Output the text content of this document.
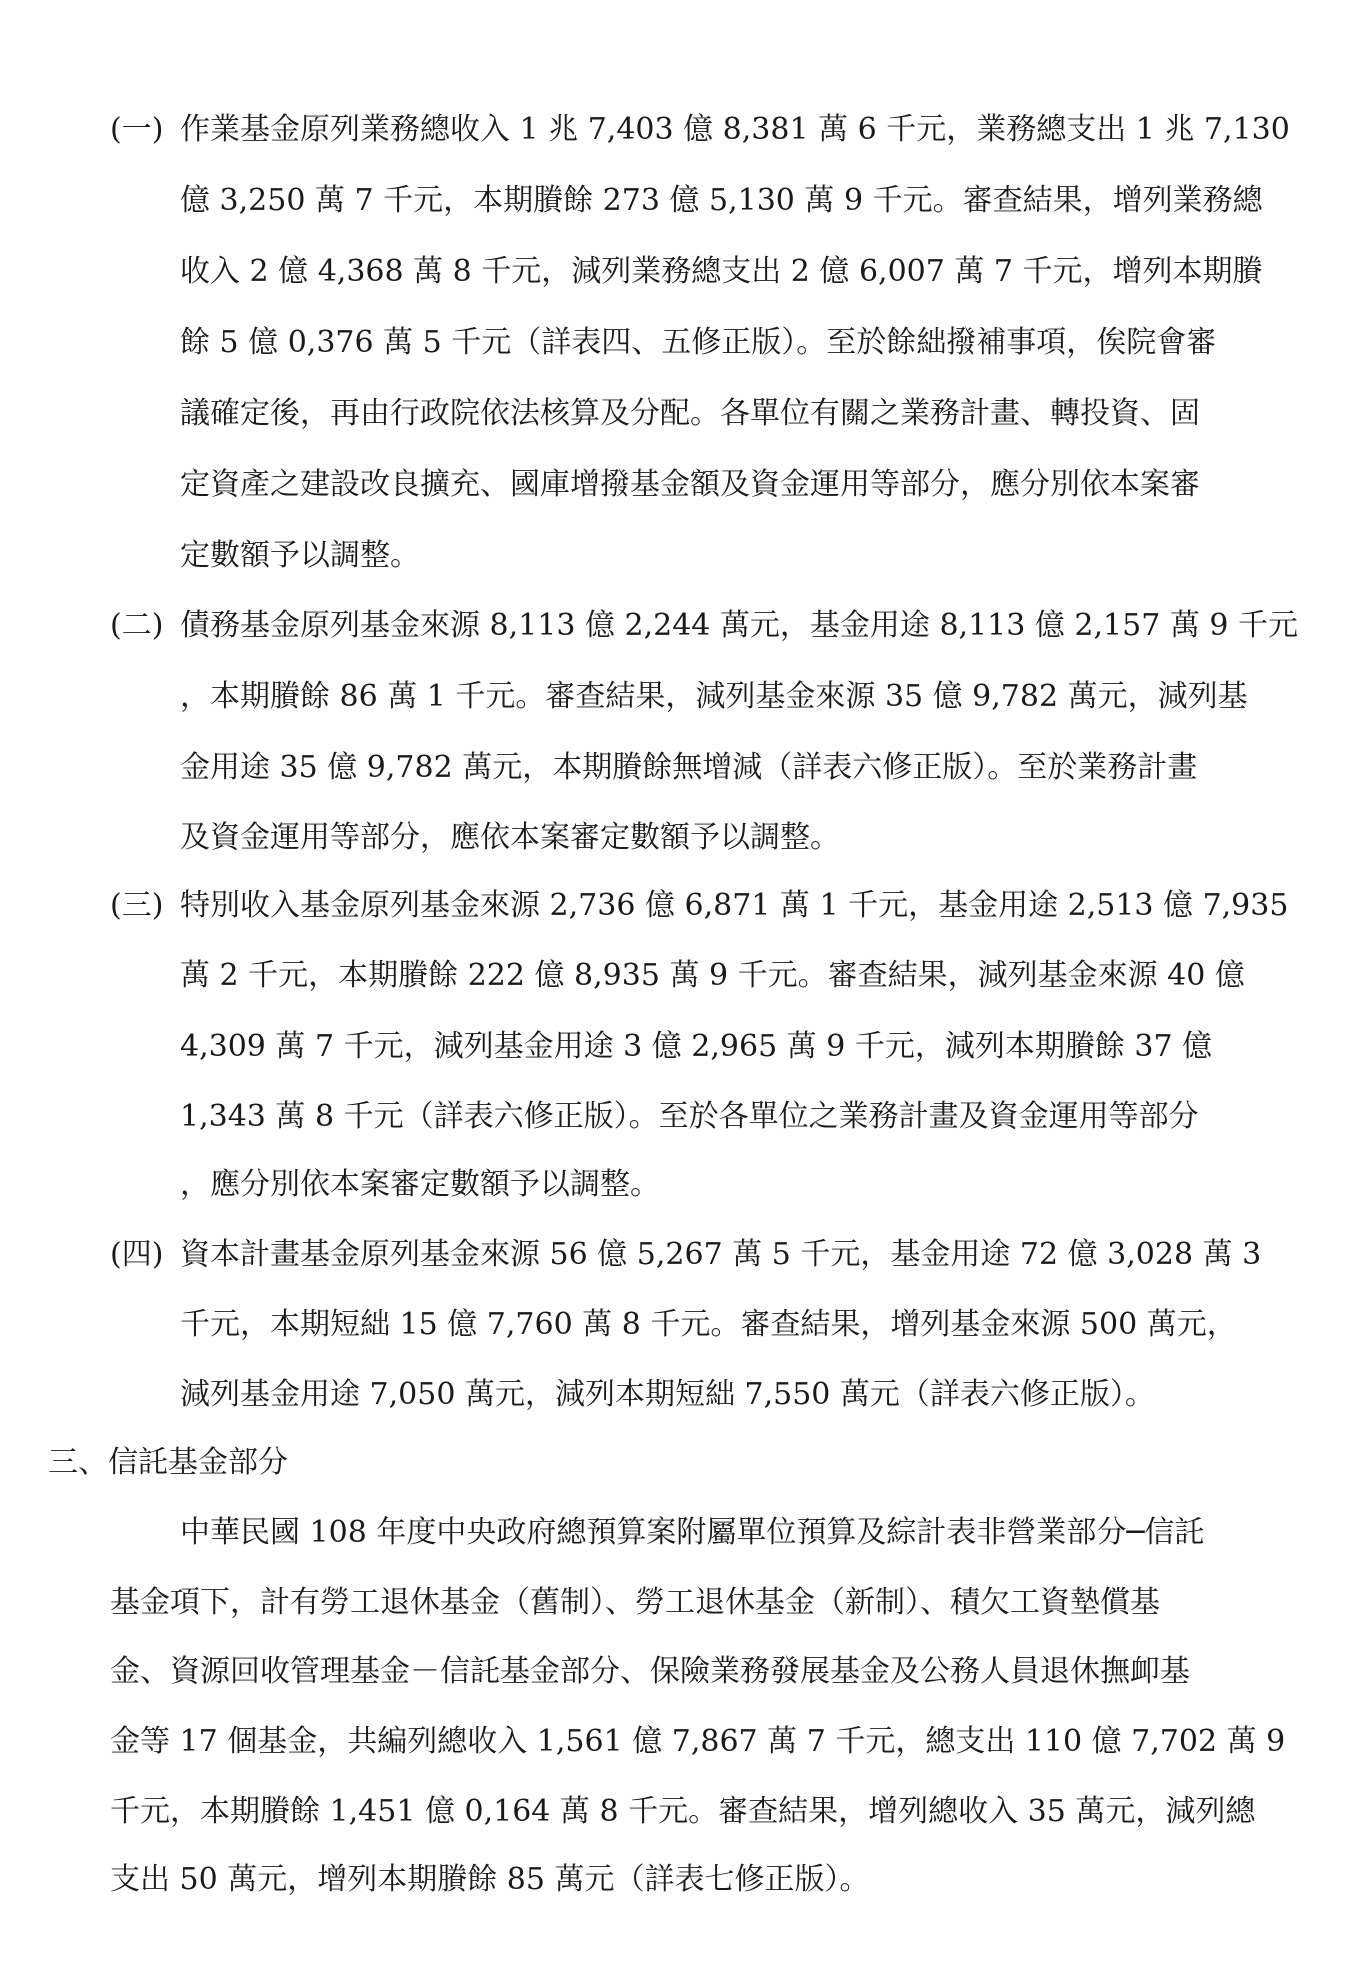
(一) 作業基金原列業務總收入 1 兆 7,403 億 8,381 萬 6 千元，業務總支出 1 兆 7,130
億 3,250 萬 7 千元，本期賸餘 273 億 5,130 萬 9 千元。審查結果，增列業務總
收入 2 億 4,368 萬 8 千元，減列業務總支出 2 億 6,007 萬 7 千元，增列本期賸
餘 5 億 0,376 萬 5 千元（詳表四、五修正版）。至於餘絀撥補事項，俟院會審
議確定後，再由行政院依法核算及分配。各單位有關之業務計畫、轉投資、固
定資產之建設改良擴充、國庫增撥基金額及資金運用等部分，應分別依本案審
定數額予以調整。
(二) 債務基金原列基金來源 8,113 億 2,244 萬元，基金用途 8,113 億 2,157 萬 9 千元
，本期賸餘 86 萬 1 千元。審查結果，減列基金來源 35 億 9,782 萬元，減列基
金用途 35 億 9,782 萬元，本期賸餘無增減（詳表六修正版）。至於業務計畫
及資金運用等部分，應依本案審定數額予以調整。
(三) 特別收入基金原列基金來源 2,736 億 6,871 萬 1 千元，基金用途 2,513 億 7,935
萬 2 千元，本期賸餘 222 億 8,935 萬 9 千元。審查結果，減列基金來源 40 億
4,309 萬 7 千元，減列基金用途 3 億 2,965 萬 9 千元，減列本期賸餘 37 億
1,343 萬 8 千元（詳表六修正版）。至於各單位之業務計畫及資金運用等部分
，應分別依本案審定數額予以調整。
(四) 資本計畫基金原列基金來源 56 億 5,267 萬 5 千元，基金用途 72 億 3,028 萬 3
千元，本期短絀 15 億 7,760 萬 8 千元。審查結果，增列基金來源 500 萬元，
減列基金用途 7,050 萬元，減列本期短絀 7,550 萬元（詳表六修正版）。
三、信託基金部分
中華民國 108 年度中央政府總預算案附屬單位預算及綜計表非營業部分─信託
基金項下，計有勞工退休基金（舊制）、勞工退休基金（新制）、積欠工資墊償基
金、資源回收管理基金－信託基金部分、保險業務發展基金及公務人員退休撫卹基
金等 17 個基金，共編列總收入 1,561 億 7,867 萬 7 千元，總支出 110 億 7,702 萬 9
千元，本期賸餘 1,451 億 0,164 萬 8 千元。審查結果，增列總收入 35 萬元，減列總
支出 50 萬元，增列本期賸餘 85 萬元（詳表七修正版）。
